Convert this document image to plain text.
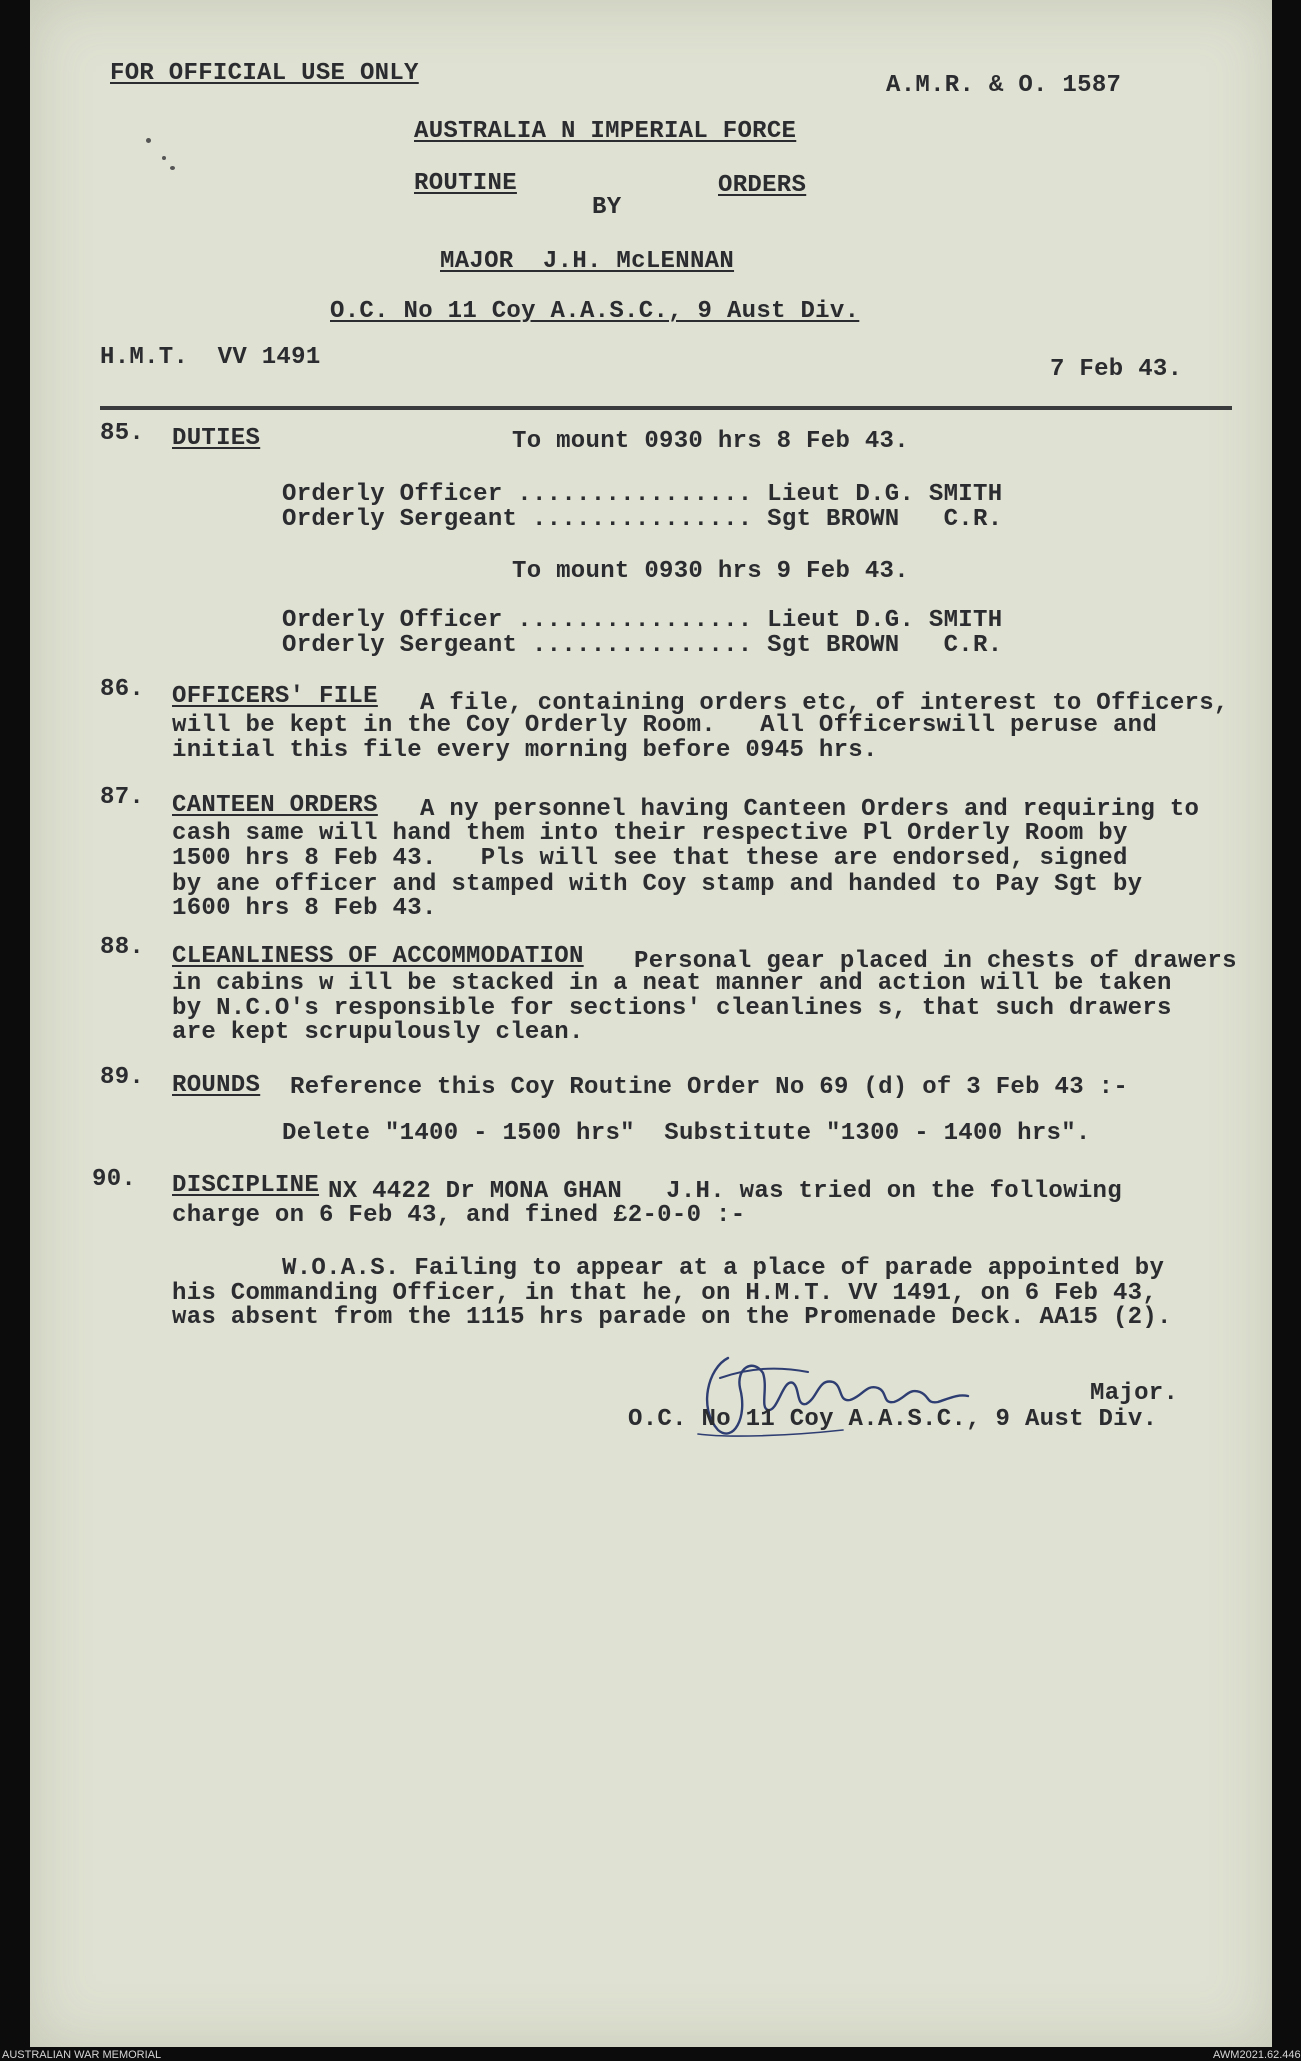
FOR OFFICIAL USE ONLY	A.M.R. & O. 1587
AUSTRALIA N IMPERIAL FORCE
ROUTINE	ORDERS
BY
MAJOR  J.H. McLENNAN
O.C. No 11 Coy A.A.S.C., 9 Aust Div.
H.M.T.  VV 1491	7 Feb 43.
85. DUTIES	To mount 0930 hrs 8 Feb 43.
Orderly Officer ................ Lieut D.G. SMITH
Orderly Sergeant ............... Sgt BROWN   C.R.
To mount 0930 hrs 9 Feb 43.
Orderly Officer ................ Lieut D.G. SMITH
Orderly Sergeant ............... Sgt BROWN   C.R.
86. OFFICERS' FILE A file, containing orders etc, of interest to Officers,
will be kept in the Coy Orderly Room.   All Officerswill peruse and
initial this file every morning before 0945 hrs.
87. CANTEEN ORDERS A ny personnel having Canteen Orders and requiring to
cash same will hand them into their respective Pl Orderly Room by
1500 hrs 8 Feb 43.   Pls will see that these are endorsed, signed
by ane officer and stamped with Coy stamp and handed to Pay Sgt by
1600 hrs 8 Feb 43.
88. CLEANLINESS OF ACCOMMODATION Personal gear placed in chests of drawers
in cabins w ill be stacked in a neat manner and action will be taken
by N.C.O's responsible for sections' cleanlines s, that such drawers
are kept scrupulously clean.
89. ROUNDS Reference this Coy Routine Order No 69 (d) of 3 Feb 43 :-
Delete "1400 - 1500 hrs"  Substitute "1300 - 1400 hrs".
90. DISCIPLINE NX 4422 Dr MONA GHAN   J.H. was tried on the following
charge on 6 Feb 43, and fined £2-0-0 :-
W.O.A.S. Failing to appear at a place of parade appointed by
his Commanding Officer, in that he, on H.M.T. VV 1491, on 6 Feb 43,
was absent from the 1115 hrs parade on the Promenade Deck. AA15 (2).
Major.
O.C. No 11 Coy A.A.S.C., 9 Aust Div.
AUSTRALIAN WAR MEMORIAL	AWM2021.62.446
